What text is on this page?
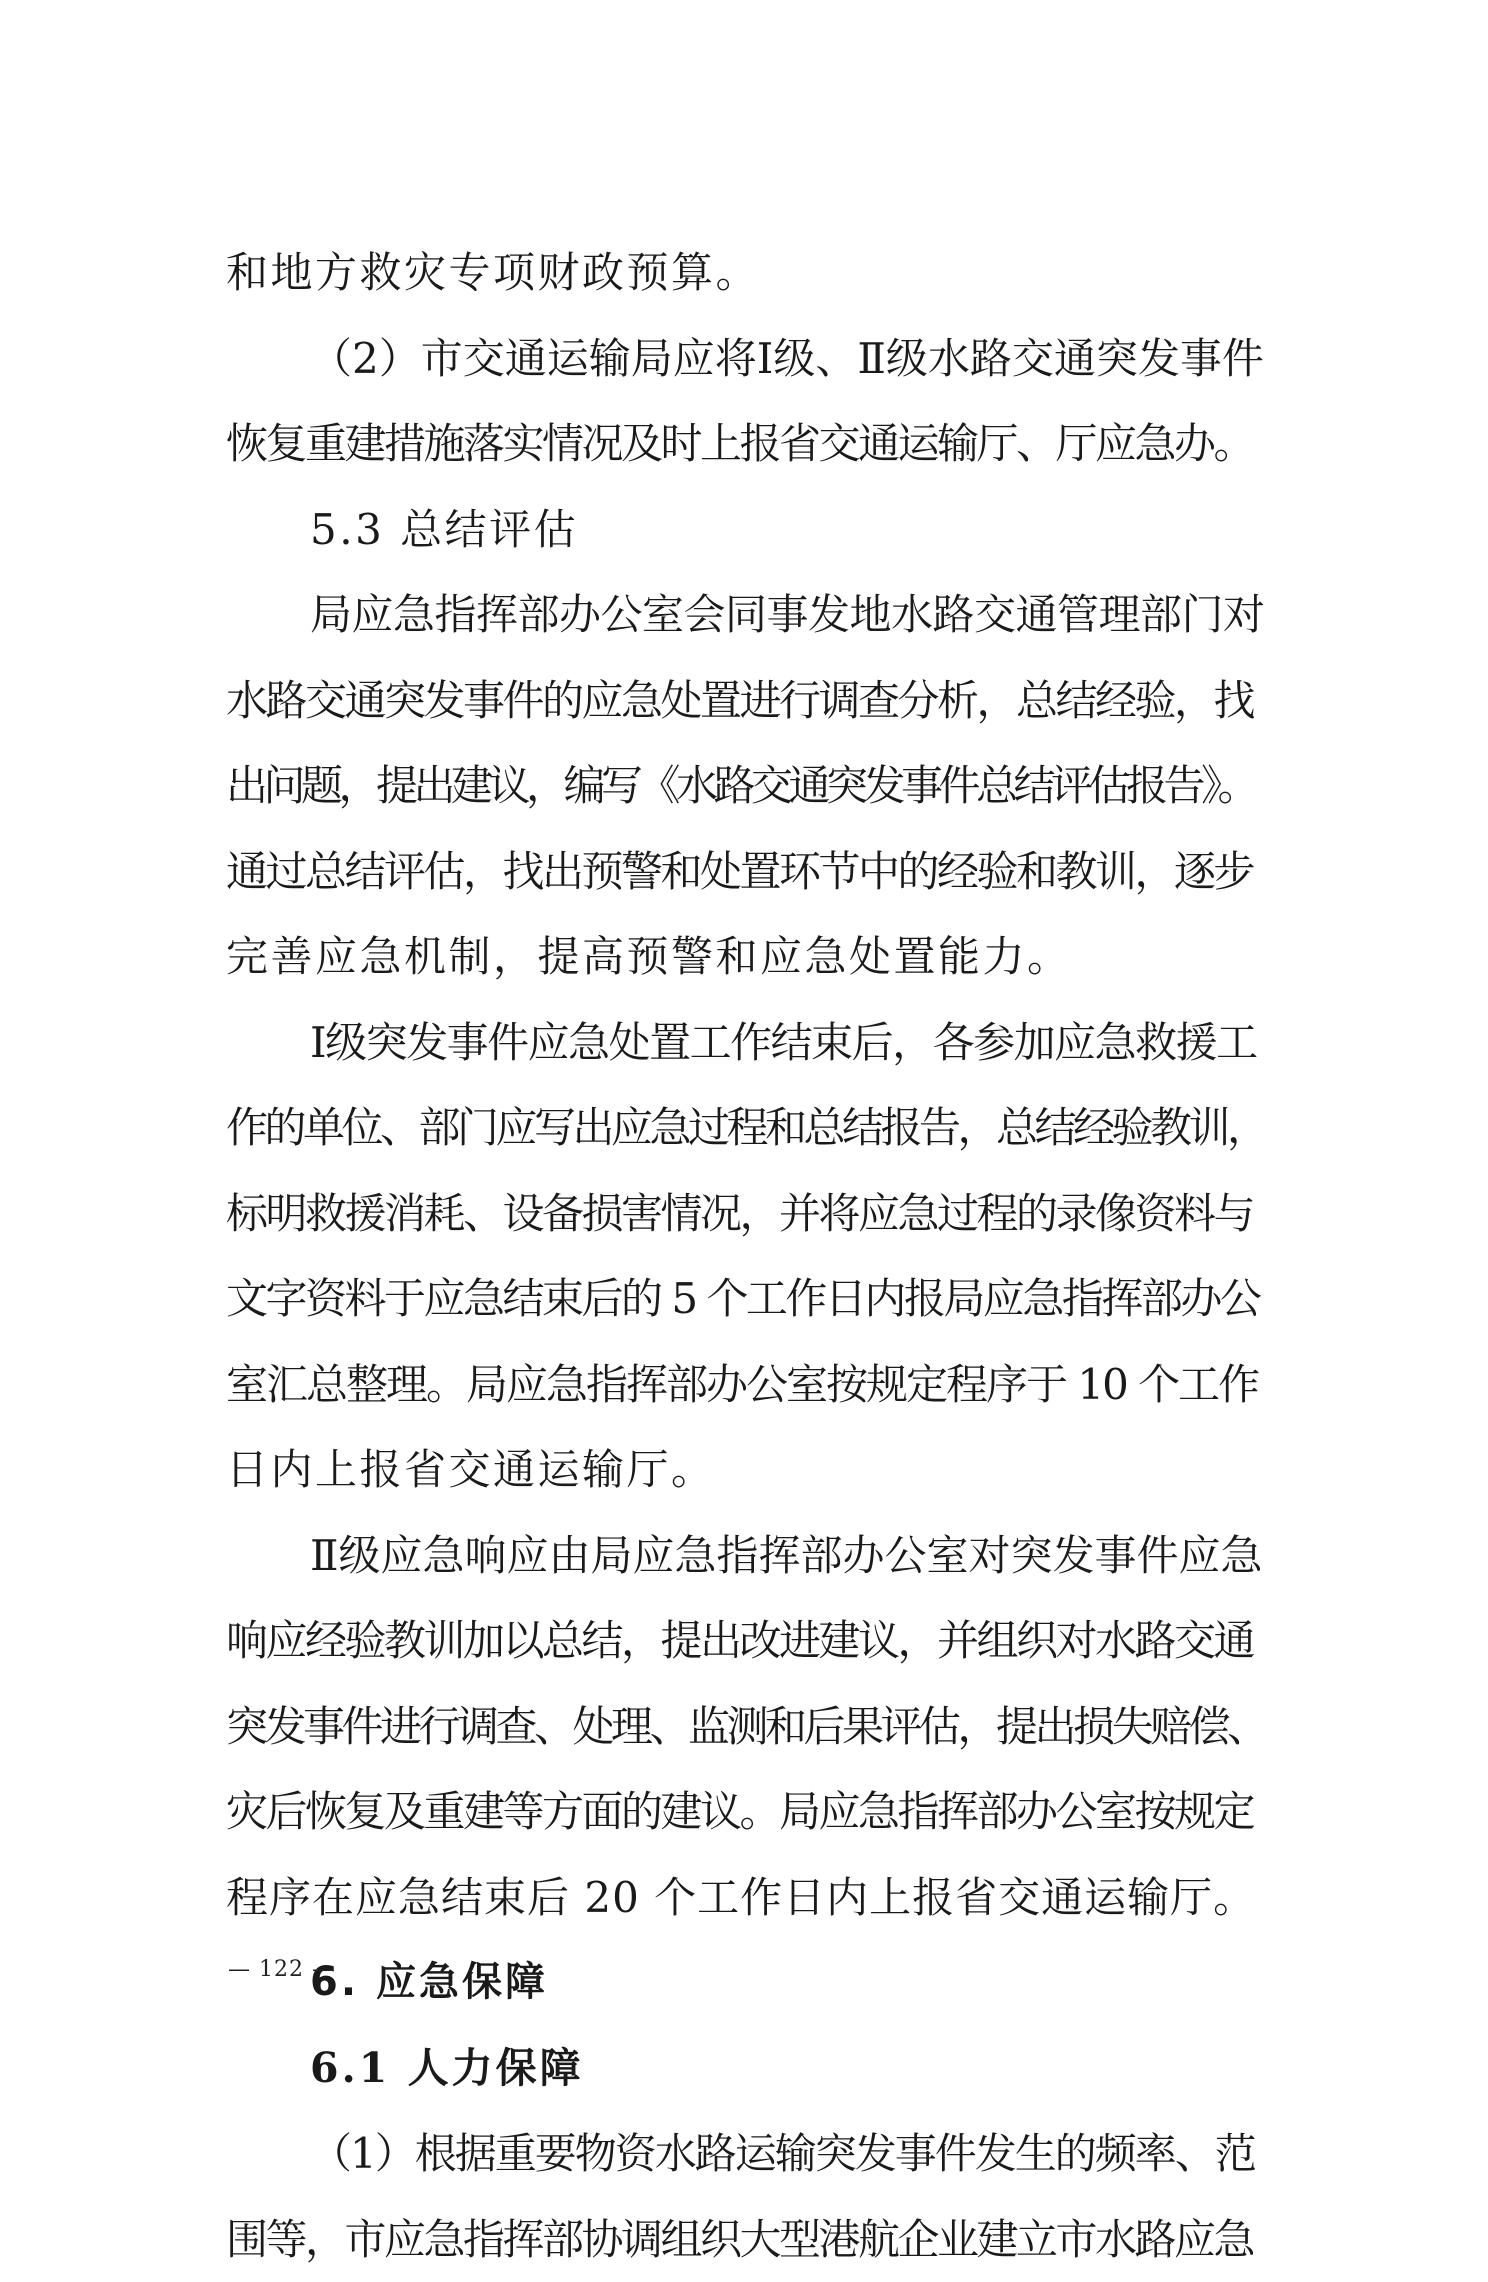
和地方救灾专项财政预算。
（2）市交通运输局应将Ⅰ级、Ⅱ级水路交通突发事件
恢复重建措施落实情况及时上报省交通运输厅、厅应急办。
5.3 总结评估
局应急指挥部办公室会同事发地水路交通管理部门对
水路交通突发事件的应急处置进行调查分析，总结经验，找
出问题，提出建议，编写《水路交通突发事件总结评估报告》。
通过总结评估，找出预警和处置环节中的经验和教训，逐步
完善应急机制，提高预警和应急处置能力。
Ⅰ级突发事件应急处置工作结束后，各参加应急救援工
作的单位、部门应写出应急过程和总结报告，总结经验教训，
标明救援消耗、设备损害情况，并将应急过程的录像资料与
文字资料于应急结束后的 5 个工作日内报局应急指挥部办公
室汇总整理。局应急指挥部办公室按规定程序于 10 个工作
日内上报省交通运输厅。
Ⅱ级应急响应由局应急指挥部办公室对突发事件应急
响应经验教训加以总结，提出改进建议，并组织对水路交通
突发事件进行调查、处理、监测和后果评估，提出损失赔偿、
灾后恢复及重建等方面的建议。局应急指挥部办公室按规定
程序在应急结束后 20 个工作日内上报省交通运输厅。
6. 应急保障
6.1 人力保障
（1）根据重要物资水路运输突发事件发生的频率、范
围等，市应急指挥部协调组织大型港航企业建立市水路应急
— 122 —
